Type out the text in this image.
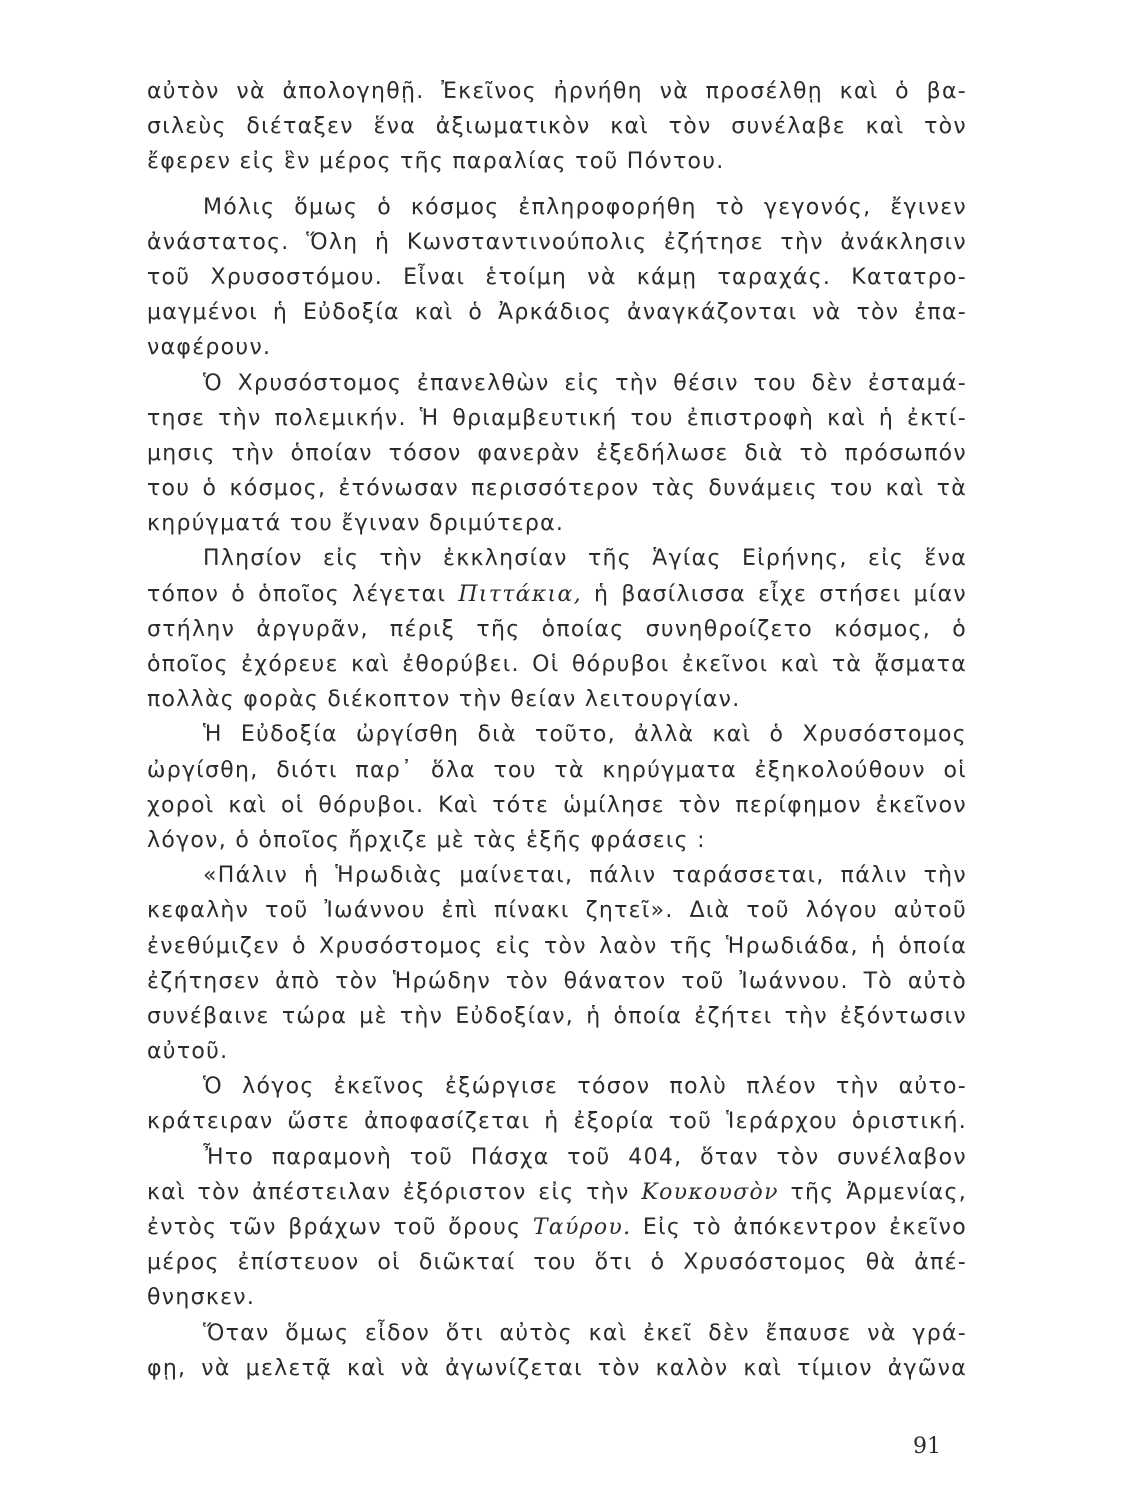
αὐτὸν νὰ ἀπολογηθῇ. Ἐκεῖνος ἠρνήθη νὰ προσέλθῃ καὶ ὁ βα-
σιλεὺς διέταξεν ἕνα ἀξιωματικὸν καὶ τὸν συνέλαβε καὶ τὸν
ἔφερεν εἰς ἓν μέρος τῆς παραλίας τοῦ Πόντου.
Μόλις ὅμως ὁ κόσμος ἐπληροφορήθη τὸ γεγονός, ἔγινεν
ἀνάστατος. Ὅλη ἡ Κωνσταντινούπολις ἐζήτησε τὴν ἀνάκλησιν
τοῦ Χρυσοστόμου. Εἶναι ἑτοίμη νὰ κάμῃ ταραχάς. Κατατρο-
μαγμένοι ἡ Εὐδοξία καὶ ὁ Ἀρκάδιος ἀναγκάζονται νὰ τὸν ἐπα-
ναφέρουν.
Ὁ Χρυσόστομος ἐπανελθὼν εἰς τὴν θέσιν του δὲν ἐσταμά-
τησε τὴν πολεμικήν. Ἡ θριαμβευτική του ἐπιστροφὴ καὶ ἡ ἐκτί-
μησις τὴν ὁποίαν τόσον φανερὰν ἐξεδήλωσε διὰ τὸ πρόσωπόν
του ὁ κόσμος, ἐτόνωσαν περισσότερον τὰς δυνάμεις του καὶ τὰ
κηρύγματά του ἔγιναν δριμύτερα.
Πλησίον εἰς τὴν ἐκκλησίαν τῆς Ἁγίας Εἰρήνης, εἰς ἕνα
τόπον ὁ ὁποῖος λέγεται Πιττάκια, ἡ βασίλισσα εἶχε στήσει μίαν
στήλην ἀργυρᾶν, πέριξ τῆς ὁποίας συνηθροίζετο κόσμος, ὁ
ὁποῖος ἐχόρευε καὶ ἐθορύβει. Οἱ θόρυβοι ἐκεῖνοι καὶ τὰ ᾄσματα
πολλὰς φορὰς διέκοπτον τὴν θείαν λειτουργίαν.
Ἡ Εὐδοξία ὠργίσθη διὰ τοῦτο, ἀλλὰ καὶ ὁ Χρυσόστομος
ὠργίσθη, διότι παρ᾽ ὅλα του τὰ κηρύγματα ἐξηκολούθουν οἱ
χοροὶ καὶ οἱ θόρυβοι. Καὶ τότε ὡμίλησε τὸν περίφημον ἐκεῖνον
λόγον, ὁ ὁποῖος ἤρχιζε μὲ τὰς ἑξῆς φράσεις :
«Πάλιν ἡ Ἡρωδιὰς μαίνεται, πάλιν ταράσσεται, πάλιν τὴν
κεφαλὴν τοῦ Ἰωάννου ἐπὶ πίνακι ζητεῖ». Διὰ τοῦ λόγου αὐτοῦ
ἐνεθύμιζεν ὁ Χρυσόστομος εἰς τὸν λαὸν τῆς Ἡρωδιάδα, ἡ ὁποία
ἐζήτησεν ἀπὸ τὸν Ἡρώδην τὸν θάνατον τοῦ Ἰωάννου. Τὸ αὐτὸ
συνέβαινε τώρα μὲ τὴν Εὐδοξίαν, ἡ ὁποία ἐζήτει τὴν ἐξόντωσιν
αὐτοῦ.
Ὁ λόγος ἐκεῖνος ἐξώργισε τόσον πολὺ πλέον τὴν αὐτο-
κράτειραν ὥστε ἀποφασίζεται ἡ ἐξορία τοῦ Ἱεράρχου ὁριστική.
Ἦτο παραμονὴ τοῦ Πάσχα τοῦ 404, ὅταν τὸν συνέλαβον
καὶ τὸν ἀπέστειλαν ἐξόριστον εἰς τὴν Κουκουσὸν τῆς Ἀρμενίας,
ἐντὸς τῶν βράχων τοῦ ὄρους Ταύρου. Εἰς τὸ ἀπόκεντρον ἐκεῖνο
μέρος ἐπίστευον οἱ διῶκταί του ὅτι ὁ Χρυσόστομος θὰ ἀπέ-
θνησκεν.
Ὅταν ὅμως εἶδον ὅτι αὐτὸς καὶ ἐκεῖ δὲν ἔπαυσε νὰ γρά-
φῃ, νὰ μελετᾷ καὶ νὰ ἀγωνίζεται τὸν καλὸν καὶ τίμιον ἀγῶνα
91
